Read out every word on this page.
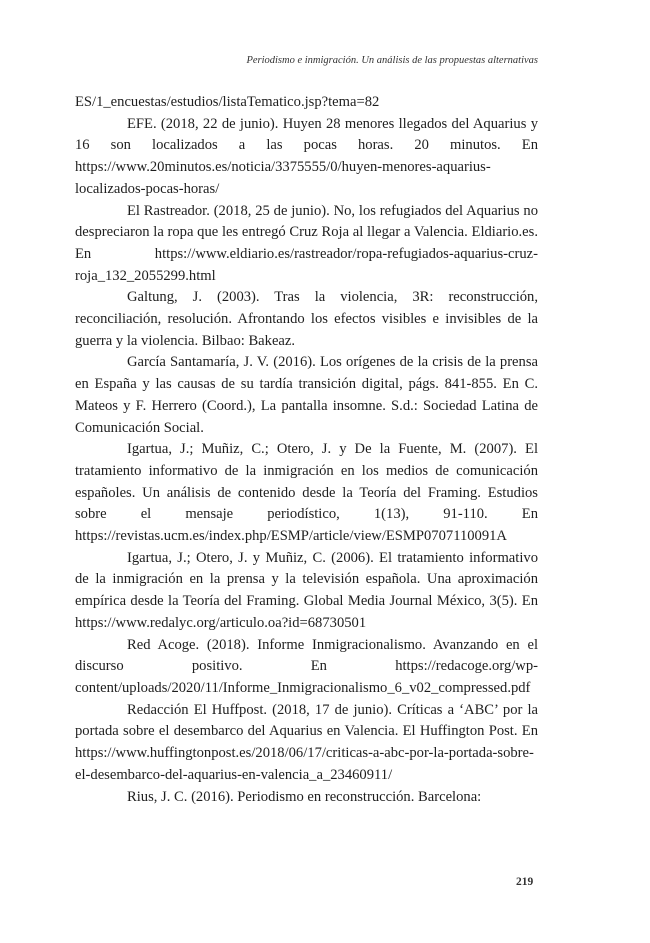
Periodismo e inmigración. Un análisis de las propuestas alternativas

ES/1_encuestas/estudios/listaTematico.jsp?tema=82

EFE. (2018, 22 de junio). Huyen 28 menores llegados del Aquarius y 16 son localizados a las pocas horas. 20 minutos. En https://www.20minutos.es/noticia/3375555/0/huyen-menores-aquarius-localizados-pocas-horas/

El Rastreador. (2018, 25 de junio). No, los refugiados del Aquarius no despreciaron la ropa que les entregó Cruz Roja al llegar a Valencia. Eldiario.es. En https://www.eldiario.es/rastreador/ropa-refugiados-aquarius-cruz-roja_132_2055299.html

Galtung, J. (2003). Tras la violencia, 3R: reconstrucción, reconciliación, resolución. Afrontando los efectos visibles e invisibles de la guerra y la violencia. Bilbao: Bakeaz.

García Santamaría, J. V. (2016). Los orígenes de la crisis de la prensa en España y las causas de su tardía transición digital, págs. 841-855. En C. Mateos y F. Herrero (Coord.), La pantalla insomne. S.d.: Sociedad Latina de Comunicación Social.

Igartua, J.; Muñiz, C.; Otero, J. y De la Fuente, M. (2007). El tratamiento informativo de la inmigración en los medios de comunicación españoles. Un análisis de contenido desde la Teoría del Framing. Estudios sobre el mensaje periodístico, 1(13), 91-110. En https://revistas.ucm.es/index.php/ESMP/article/view/ESMP0707110091A

Igartua, J.; Otero, J. y Muñiz, C. (2006). El tratamiento informativo de la inmigración en la prensa y la televisión española. Una aproximación empírica desde la Teoría del Framing. Global Media Journal México, 3(5). En https://www.redalyc.org/articulo.oa?id=68730501

Red Acoge. (2018). Informe Inmigracionalismo. Avanzando en el discurso positivo. En https://redacoge.org/wp-content/uploads/2020/11/Informe_Inmigracionalismo_6_v02_compressed.pdf

Redacción El Huffpost. (2018, 17 de junio). Críticas a ‘ABC’ por la portada sobre el desembarco del Aquarius en Valencia. El Huffington Post. En https://www.huffingtonpost.es/2018/06/17/criticas-a-abc-por-la-portada-sobre-el-desembarco-del-aquarius-en-valencia_a_23460911/

Rius, J. C. (2016). Periodismo en reconstrucción. Barcelona:

219
